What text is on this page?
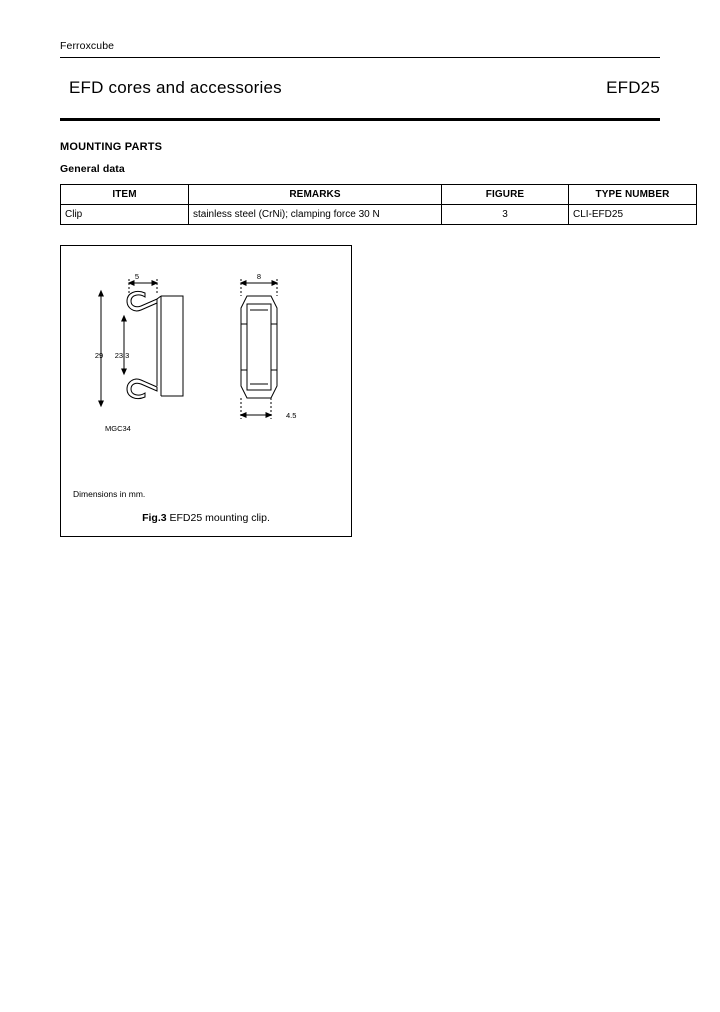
Ferroxcube
EFD cores and accessories	EFD25
MOUNTING PARTS
General data
ITEM	REMARKS	FIGURE	TYPE NUMBER
Clip	stainless steel (CrNi); clamping force 30 N	3	CLI-EFD25
5	8
29 23.3
MGC34
4.5
Dimensions in mm.
Fig.3 EFD25 mounting clip.
